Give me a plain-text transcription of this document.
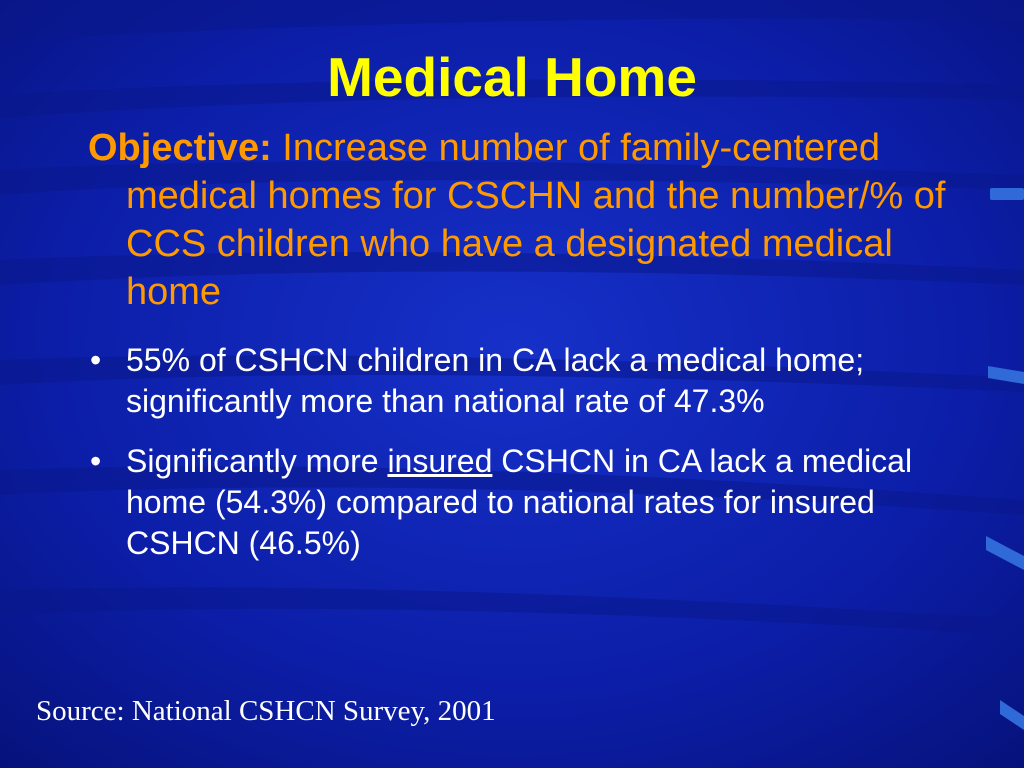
Medical Home
Objective: Increase number of family-centered medical homes for CSCHN and the number/% of CCS children who have a designated medical home
• 55% of CSHCN children in CA lack a medical home; significantly more than national rate of 47.3%
• Significantly more insured CSHCN in CA lack a medical home (54.3%) compared to national rates for insured CSHCN (46.5%)
Source: National CSHCN Survey, 2001
